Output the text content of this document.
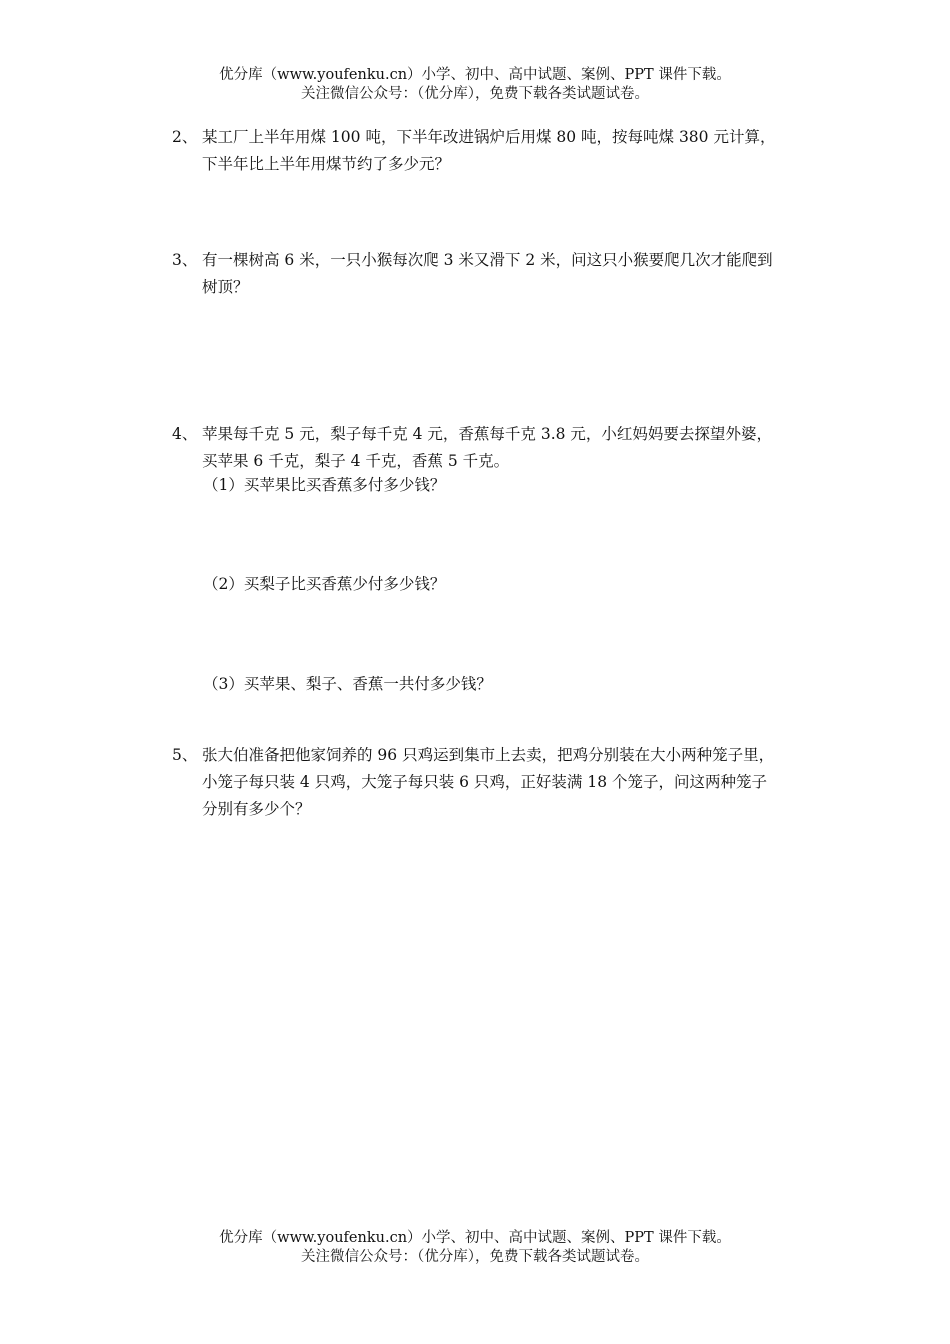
优分库（www.youfenku.cn）小学、初中、高中试题、案例、PPT 课件下载。
关注微信公众号：（优分库），免费下载各类试题试卷。
2、 某工厂上半年用煤 100 吨，下半年改进锅炉后用煤 80 吨，按每吨煤 380 元计算，
下半年比上半年用煤节约了多少元？
3、 有一棵树高 6 米，一只小猴每次爬 3 米又滑下 2 米，问这只小猴要爬几次才能爬到
树顶？
4、 苹果每千克 5 元，梨子每千克 4 元，香蕉每千克 3.8 元，小红妈妈要去探望外婆，
买苹果 6 千克，梨子 4 千克，香蕉 5 千克。
（1）买苹果比买香蕉多付多少钱？
（2）买梨子比买香蕉少付多少钱？
（3）买苹果、梨子、香蕉一共付多少钱？
5、 张大伯准备把他家饲养的 96 只鸡运到集市上去卖，把鸡分别装在大小两种笼子里，
小笼子每只装 4 只鸡，大笼子每只装 6 只鸡，正好装满 18 个笼子，问这两种笼子
分别有多少个？
优分库（www.youfenku.cn）小学、初中、高中试题、案例、PPT 课件下载。
关注微信公众号：（优分库），免费下载各类试题试卷。
